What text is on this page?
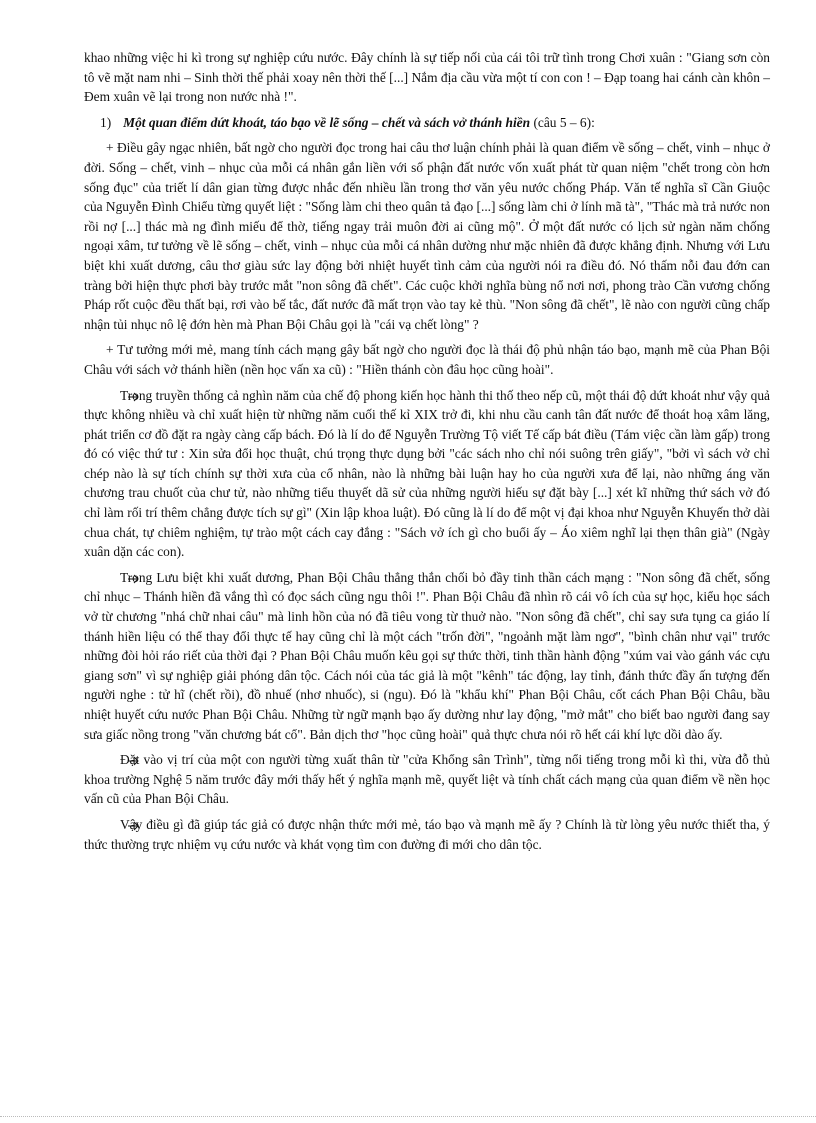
khao những việc hi kì trong sự nghiệp cứu nước. Đây chính là sự tiếp nối của cái tôi trữ tình trong Chơi xuân : "Giang sơn còn tô vẽ mặt nam nhi – Sinh thời thế phải xoay nên thời thế [...] Nắm địa cầu vừa một tí con con ! – Đạp toang hai cánh càn khôn – Đem xuân vẽ lại trong non nước nhà !".

1) Một quan điểm dứt khoát, táo bạo về lẽ sống – chết và sách vở thánh hiền (câu 5 – 6):

+ Điều gây ngạc nhiên, bất ngờ cho người đọc trong hai câu thơ luận chính phải là quan điểm về sống – chết, vinh – nhục ở đời. Sống – chết, vinh – nhục của mỗi cá nhân gắn liền với số phận đất nước vốn xuất phát từ quan niệm "chết trong còn hơn sống đục" của triết lí dân gian từng được nhắc đến nhiều lần trong thơ văn yêu nước chống Pháp. Văn tế nghĩa sĩ Cần Giuộc của Nguyễn Đình Chiểu từng quyết liệt : "Sống làm chi theo quân tả đạo [...] sống làm chi ở lính mã tà", "Thác mà trả nước non rồi nợ [...] thác mà ng đình miếu để thờ, tiếng ngay trải muôn đời ai cũng mộ". Ở một đất nước có lịch sử ngàn năm chống ngoại xâm, tư tưởng về lẽ sống – chết, vinh – nhục của mỗi cá nhân dường như mặc nhiên đã được khẳng định. Nhưng với Lưu biệt khi xuất dương, câu thơ giàu sức lay động bởi nhiệt huyết tình cảm của người nói ra điều đó. Nó thấm nỗi đau đớn can tràng bởi hiện thực phơi bày trước mắt "non sông đã chết". Các cuộc khởi nghĩa bùng nổ nơi nơi, phong trào Cần vương chống Pháp rốt cuộc đều thất bại, rơi vào bế tắc, đất nước đã mất trọn vào tay kẻ thù. "Non sông đã chết", lẽ nào con người cũng chấp nhận tủi nhục nô lệ đớn hèn mà Phan Bội Châu gọi là "cái vạ chết lòng" ?

+ Tư tưởng mới mẻ, mang tính cách mạng gây bất ngờ cho người đọc là thái độ phủ nhận táo bạo, mạnh mẽ của Phan Bội Châu với sách vở thánh hiền (nền học vấn xa cũ) : "Hiền thánh còn đâu học cũng hoài".

Trong truyền thống cả nghìn năm của chế độ phong kiến học hành thi thố theo nếp cũ, một thái độ dứt khoát như vậy quả thực không nhiều và chỉ xuất hiện từ những năm cuối thế kỉ XIX trở đi, khi nhu cầu canh tân đất nước để thoát hoạ xâm lăng, phát triển cơ đồ đặt ra ngày càng cấp bách. Đó là lí do để Nguyễn Trường Tộ viết Tế cấp bát điều (Tám việc cần làm gấp) trong đó có việc thứ tư : Xin sửa đổi học thuật, chú trọng thực dụng bởi "các sách nho chỉ nói suông trên giấy", "bởi vì sách vở chỉ chép nào là sự tích chính sự thời xưa của cổ nhân, nào là những bài luận hay ho của người xưa để lại, nào những áng văn chương trau chuốt của chư tử, nào những tiểu thuyết dã sử của những người hiếu sự đặt bày [...] xét kĩ những thứ sách vở đó chỉ làm rối trí thêm chẳng được tích sự gì" (Xin lập khoa luật). Đó cũng là lí do để một vị đại khoa như Nguyễn Khuyến thở dài chua chát, tự chiêm nghiệm, tự trào một cách cay đắng : "Sách vở ích gì cho buổi ấy – Áo xiêm nghĩ lại thẹn thân già" (Ngày xuân dặn các con).

Trong Lưu biệt khi xuất dương, Phan Bội Châu thẳng thắn chối bỏ đầy tinh thần cách mạng : "Non sông đã chết, sống chỉ nhục – Thánh hiền đã vắng thì có đọc sách cũng ngu thôi !". Phan Bội Châu đã nhìn rõ cái vô ích của sự học, kiểu học sách vở từ chương "nhá chữ nhai câu" mà linh hồn của nó đã tiêu vong từ thuở nào. "Non sông đã chết", chỉ say sưa tụng ca giáo lí thánh hiền liệu có thể thay đổi thực tế hay cũng chỉ là một cách "trốn đời", "ngoảnh mặt làm ngơ", "bình chân như vại" trước những đòi hỏi ráo riết của thời đại ? Phan Bội Châu muốn kêu gọi sự thức thời, tinh thần hành động "xúm vai vào gánh vác cựu giang sơn" vì sự nghiệp giải phóng dân tộc. Cách nói của tác giả là một "kênh" tác động, lay tỉnh, đánh thức đầy ấn tượng đến người nghe : tử hĩ (chết rồi), đồ nhuế (nhơ nhuốc), si (ngu). Đó là "khẩu khí" Phan Bội Châu, cốt cách Phan Bội Châu, bầu nhiệt huyết cứu nước Phan Bội Châu. Những từ ngữ mạnh bạo ấy dường như lay động, "mở mắt" cho biết bao người đang say sưa giấc nồng trong "văn chương bát cổ". Bản dịch thơ "học cũng hoài" quả thực chưa nói rõ hết cái khí lực dồi dào ấy.

Đặt vào vị trí của một con người từng xuất thân từ "cửa Khổng sân Trình", từng nổi tiếng trong mỗi kì thi, vừa đỗ thủ khoa trường Nghệ 5 năm trước đây mới thấy hết ý nghĩa mạnh mẽ, quyết liệt và tính chất cách mạng của quan điểm về nền học vấn cũ của Phan Bội Châu.

Vậy điều gì đã giúp tác giả có được nhận thức mới mẻ, táo bạo và mạnh mẽ ấy ? Chính là từ lòng yêu nước thiết tha, ý thức thường trực nhiệm vụ cứu nước và khát vọng tìm con đường đi mới cho dân tộc.
